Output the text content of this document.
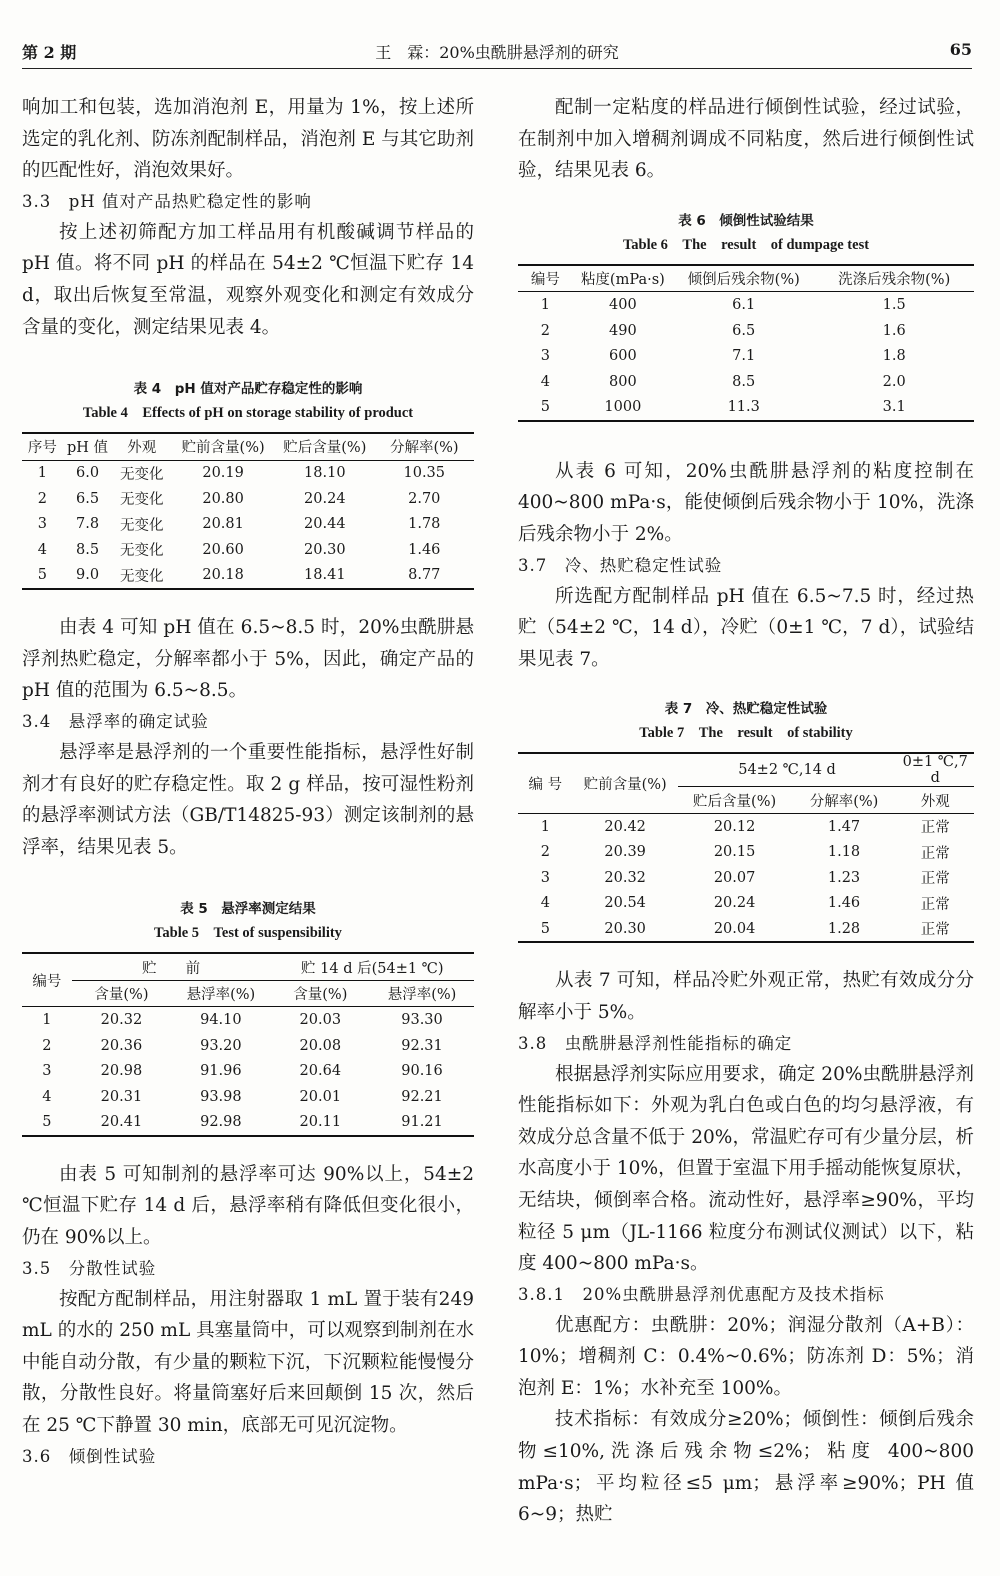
第 2 期	王　霖：20%虫酰肼悬浮剂的研究	65

响加工和包装，选加消泡剂 E，用量为 1%，按上述所选定的乳化剂、防冻剂配制样品，消泡剂 E 与其它助剂的匹配性好，消泡效果好。

3.3　pH 值对产品热贮稳定性的影响

按上述初筛配方加工样品用有机酸碱调节样品的 pH 值。将不同 pH 的样品在 54±2 ℃恒温下贮存 14 d，取出后恢复至常温，观察外观变化和测定有效成分含量的变化，测定结果见表 4。

表 4　pH 值对产品贮存稳定性的影响
Table 4　Effects of pH on storage stability of product
序号	pH 值	外观	贮前含量(%)	贮后含量(%)	分解率(%)
1	6.0	无变化	20.19	18.10	10.35
2	6.5	无变化	20.80	20.24	2.70
3	7.8	无变化	20.81	20.44	1.78
4	8.5	无变化	20.60	20.30	1.46
5	9.0	无变化	20.18	18.41	8.77

由表 4 可知 pH 值在 6.5~8.5 时，20%虫酰肼悬浮剂热贮稳定，分解率都小于 5%，因此，确定产品的 pH 值的范围为 6.5~8.5。

3.4　悬浮率的确定试验

悬浮率是悬浮剂的一个重要性能指标，悬浮性好制剂才有良好的贮存稳定性。取 2 g 样品，按可湿性粉剂的悬浮率测试方法（GB/T14825-93）测定该制剂的悬浮率，结果见表 5。

表 5　悬浮率测定结果
Table 5　Test of suspensibility
编号	贮　　前		贮 14 d 后(54±1 ℃)	
	含量(%)	悬浮率(%)	含量(%)	悬浮率(%)
1	20.32	94.10	20.03	93.30
2	20.36	93.20	20.08	92.31
3	20.98	91.96	20.64	90.16
4	20.31	93.98	20.01	92.21
5	20.41	92.98	20.11	91.21

由表 5 可知制剂的悬浮率可达 90%以上，54±2 ℃恒温下贮存 14 d 后，悬浮率稍有降低但变化很小，仍在 90%以上。

3.5　分散性试验

按配方配制样品，用注射器取 1 mL 置于装有249 mL 的水的 250 mL 具塞量筒中，可以观察到制剂在水中能自动分散，有少量的颗粒下沉，下沉颗粒能慢慢分散，分散性良好。将量筒塞好后来回颠倒 15 次，然后在 25 ℃下静置 30 min，底部无可见沉淀物。

3.6　倾倒性试验

配制一定粘度的样品进行倾倒性试验，经过试验，在制剂中加入增稠剂调成不同粘度，然后进行倾倒性试验，结果见表 6。

表 6　倾倒性试验结果
Table 6　The　result　of dumpage test
编号	粘度(mPa·s)	倾倒后残余物(%)	洗涤后残余物(%)
1	400	6.1	1.5
2	490	6.5	1.6
3	600	7.1	1.8
4	800	8.5	2.0
5	1000	11.3	3.1

从表 6 可知，20%虫酰肼悬浮剂的粘度控制在 400~800 mPa·s，能使倾倒后残余物小于 10%，洗涤后残余物小于 2%。

3.7　冷、热贮稳定性试验

所选配方配制样品 pH 值在 6.5~7.5 时，经过热贮（54±2 ℃，14 d），冷贮（0±1 ℃，7 d），试验结果见表 7。

表 7　冷、热贮稳定性试验
Table 7　The　result　of stability
编 号	贮前含量(%)	54±2 ℃,14 d		0±1 ℃,7 d
		贮后含量(%)	分解率(%)	外观
1	20.42	20.12	1.47	正常
2	20.39	20.15	1.18	正常
3	20.32	20.07	1.23	正常
4	20.54	20.24	1.46	正常
5	20.30	20.04	1.28	正常

从表 7 可知，样品冷贮外观正常，热贮有效成分分解率小于 5%。

3.8　虫酰肼悬浮剂性能指标的确定

根据悬浮剂实际应用要求，确定 20%虫酰肼悬浮剂性能指标如下：外观为乳白色或白色的均匀悬浮液，有效成分总含量不低于 20%，常温贮存可有少量分层，析水高度小于 10%，但置于室温下用手摇动能恢复原状，无结块，倾倒率合格。流动性好，悬浮率≥90%，平均粒径 5 μm（JL-1166 粒度分布测试仪测试）以下，粘度 400~800 mPa·s。

3.8.1　20%虫酰肼悬浮剂优惠配方及技术指标

优惠配方：虫酰肼：20%；润湿分散剂（A+B）：10%；增稠剂 C：0.4%~0.6%；防冻剂 D：5%；消泡剂 E：1%；水补充至 100%。

技术指标：有效成分≥20%；倾倒性：倾倒后残余物≤10%,洗涤后残余物≤2%；粘度 400~800 mPa·s；平均粒径≤5 μm；悬浮率≥90%；PH 值 6~9；热贮
